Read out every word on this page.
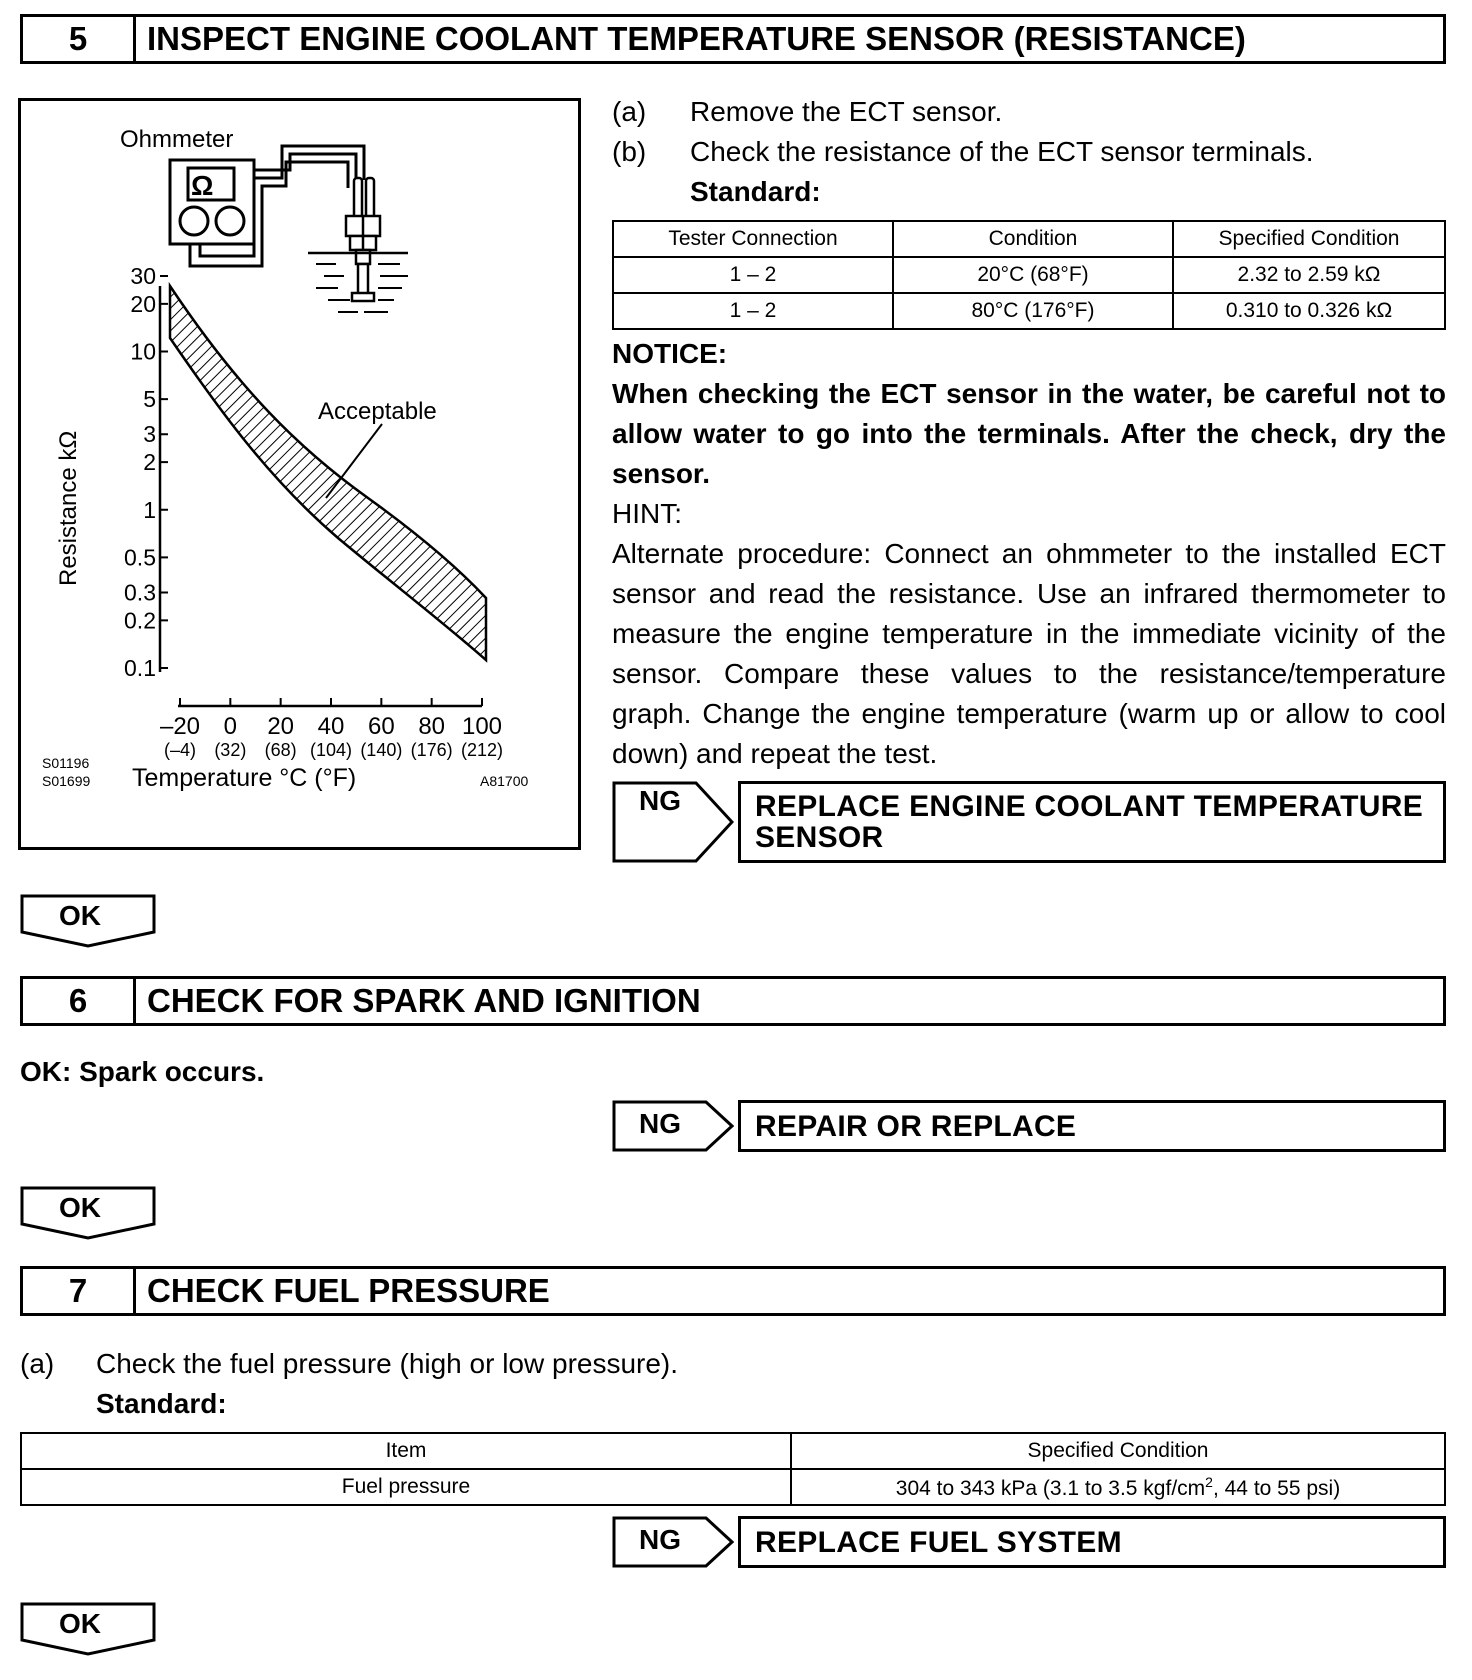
5	INSPECT ENGINE COOLANT TEMPERATURE SENSOR (RESISTANCE)
Ohmmeter
Ω
30
20
10
5
3
2
1
0.5
0.3
0.2
0.1
–20
(–4)
0
(32)
20
(68)
40
(104)
60
(140)
80
(176)
100
(212)
Acceptable
Resistance kΩ
Temperature °C (°F)
S01196
S01699	A81700
(a) Remove the ECT sensor.
(b) Check the resistance of the ECT sensor terminals.
Standard:
Tester Connection	Condition	Specified Condition
1 – 2	20°C (68°F)	2.32 to 2.59 kΩ
1 – 2	80°C (176°F)	0.310 to 0.326 kΩ
NOTICE:
When checking the ECT sensor in the water, be careful not to allow water to go into the terminals. After the check, dry the sensor.
HINT:
Alternate procedure: Connect an ohmmeter to the installed ECT sensor and read the resistance. Use an infrared thermometer to measure the engine temperature in the immediate vicinity of the sensor. Compare these values to the resistance/temperature graph. Change the engine temperature (warm up or allow to cool down) and repeat the test.
NG	REPLACE ENGINE COOLANT TEMPERATURE
SENSOR
OK
6	CHECK FOR SPARK AND IGNITION
OK: Spark occurs.
NG	REPAIR OR REPLACE
OK
7	CHECK FUEL PRESSURE
(a) Check the fuel pressure (high or low pressure).
Standard:
Item	Specified Condition
Fuel pressure	304 to 343 kPa (3.1 to 3.5 kgf/$cm^2$, 44 to 55 psi)
NG	REPLACE FUEL SYSTEM
OK
